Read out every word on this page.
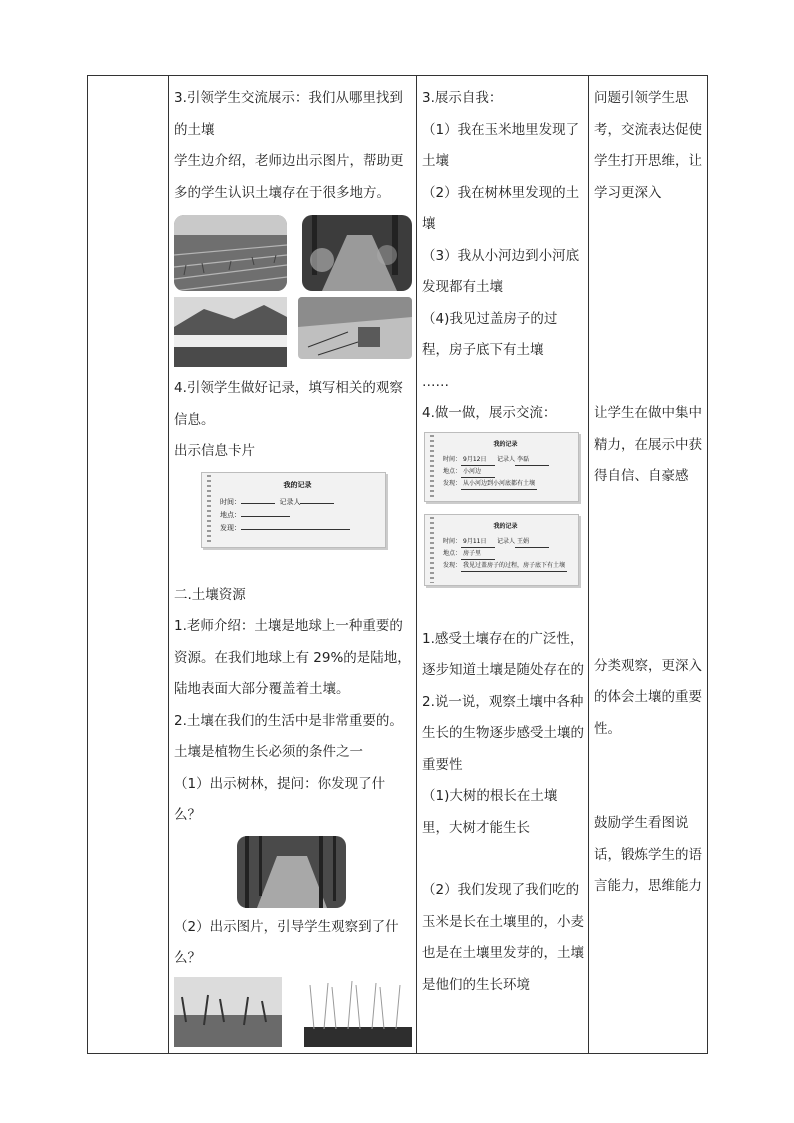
3.引领学生交流展示：我们从哪里找到的土壤

学生边介绍，老师边出示图片，帮助更多的学生认识土壤存在于很多地方。

4.引领学生做好记录，填写相关的观察信息。

出示信息卡片

我的记录
时间：	记录人
地点：
发现：

二.土壤资源

1.老师介绍：土壤是地球上一种重要的资源。在我们地球上有 29%的是陆地，陆地表面大部分覆盖着土壤。

2.土壤在我们的生活中是非常重要的。土壤是植物生长必须的条件之一

（1）出示树林，提问：你发现了什么？

（2）出示图片，引导学生观察到了什么？

3.展示自我：

（1）我在玉米地里发现了土壤

（2）我在树林里发现的土壤

（3）我从小河边到小河底发现都有土壤

（4)我见过盖房子的过程，房子底下有土壤

……

4.做一做，展示交流：

我的记录
时间： 9月12日 记录人 李磊
地点： 小河边
发现： 从小河边到小河底都有土壤
我的记录
时间： 9月11日 记录人 王娟
地点： 房子里
发现： 我见过盖房子的过程，房子底下有土壤

1.感受土壤存在的广泛性，逐步知道土壤是随处存在的

2.说一说，观察土壤中各种生长的生物逐步感受土壤的重要性

（1)大树的根长在土壤里，大树才能生长

（2）我们发现了我们吃的玉米是长在土壤里的，小麦也是在土壤里发芽的，土壤是他们的生长环境

问题引领学生思考，交流表达促使学生打开思维，让学习更深入

让学生在做中集中精力，在展示中获得自信、自豪感

分类观察，更深入的体会土壤的重要性。

鼓励学生看图说话，锻炼学生的语言能力，思维能力
